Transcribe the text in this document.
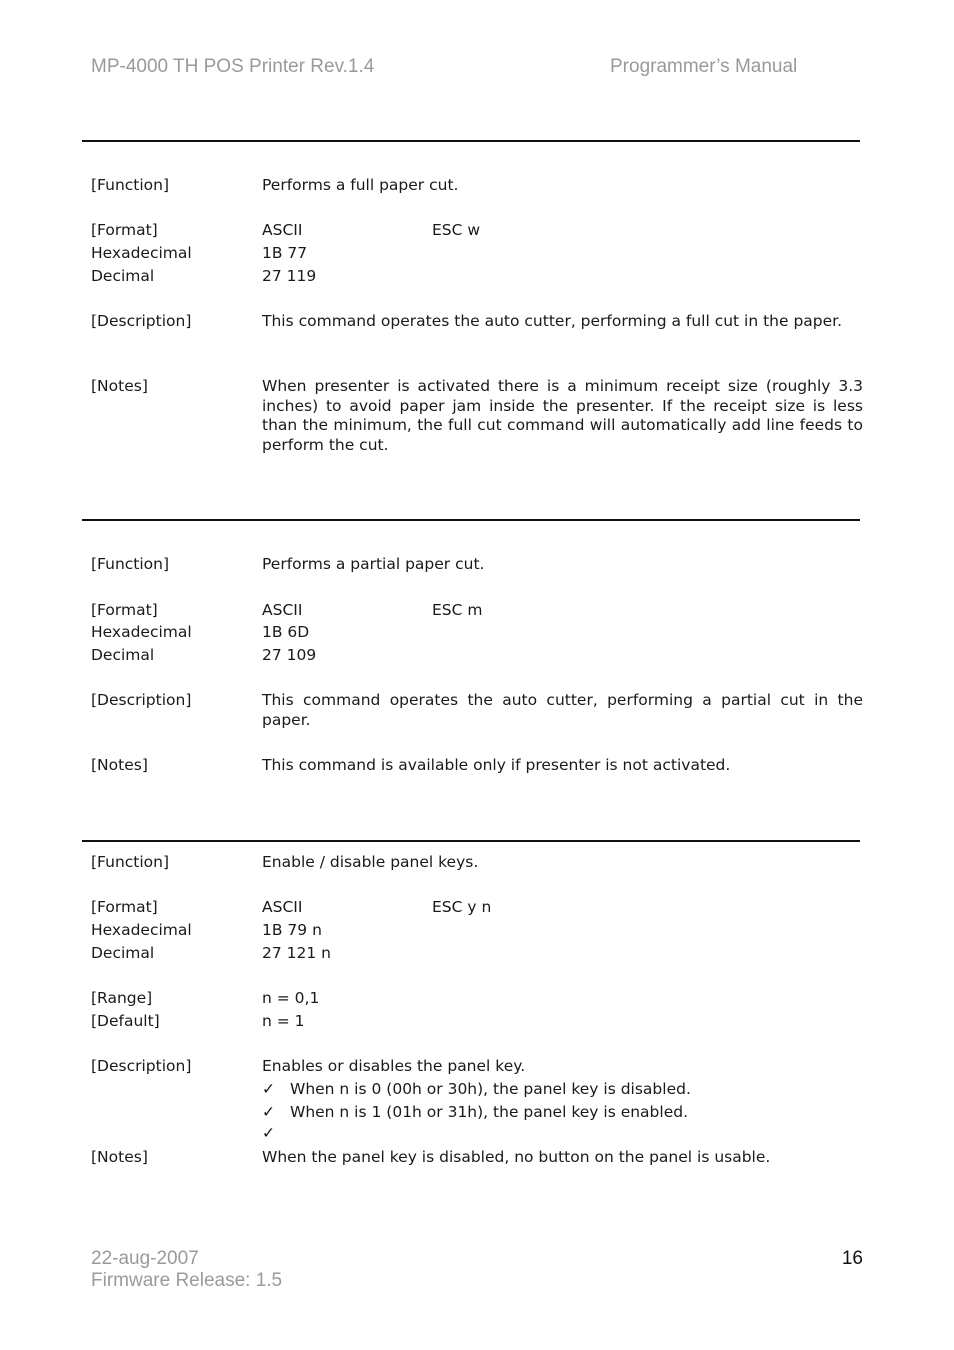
MP-4000 TH POS Printer Rev.1.4	Programmer’s Manual
[Function]	Performs a full paper cut.
[Format]	ASCII	ESC w
Hexadecimal	1B 77
Decimal	27 119
[Description]	This command operates the auto cutter, performing a full cut in the paper.
[Notes]	When presenter is activated there is a minimum receipt size (roughly 3.3 inches) to avoid paper jam inside the presenter. If the receipt size is less than the minimum, the full cut command will automatically add line feeds to perform the cut.
[Function]	Performs a partial paper cut.
[Format]	ASCII	ESC m
Hexadecimal	1B 6D
Decimal	27 109
[Description]	This command operates the auto cutter, performing a partial cut in the paper.
[Notes]	This command is available only if presenter is not activated.
[Function]	Enable / disable panel keys.
[Format]	ASCII	ESC y n
Hexadecimal	1B 79 n
Decimal	27 121 n
[Range]	n = 0,1
[Default]	n = 1
[Description]	Enables or disables the panel key.
✓ When n is 0 (00h or 30h), the panel key is disabled.
✓ When n is 1 (01h or 31h), the panel key is enabled.
✓
[Notes]	When the panel key is disabled, no button on the panel is usable.
22-aug-2007
Firmware Release: 1.5
16
